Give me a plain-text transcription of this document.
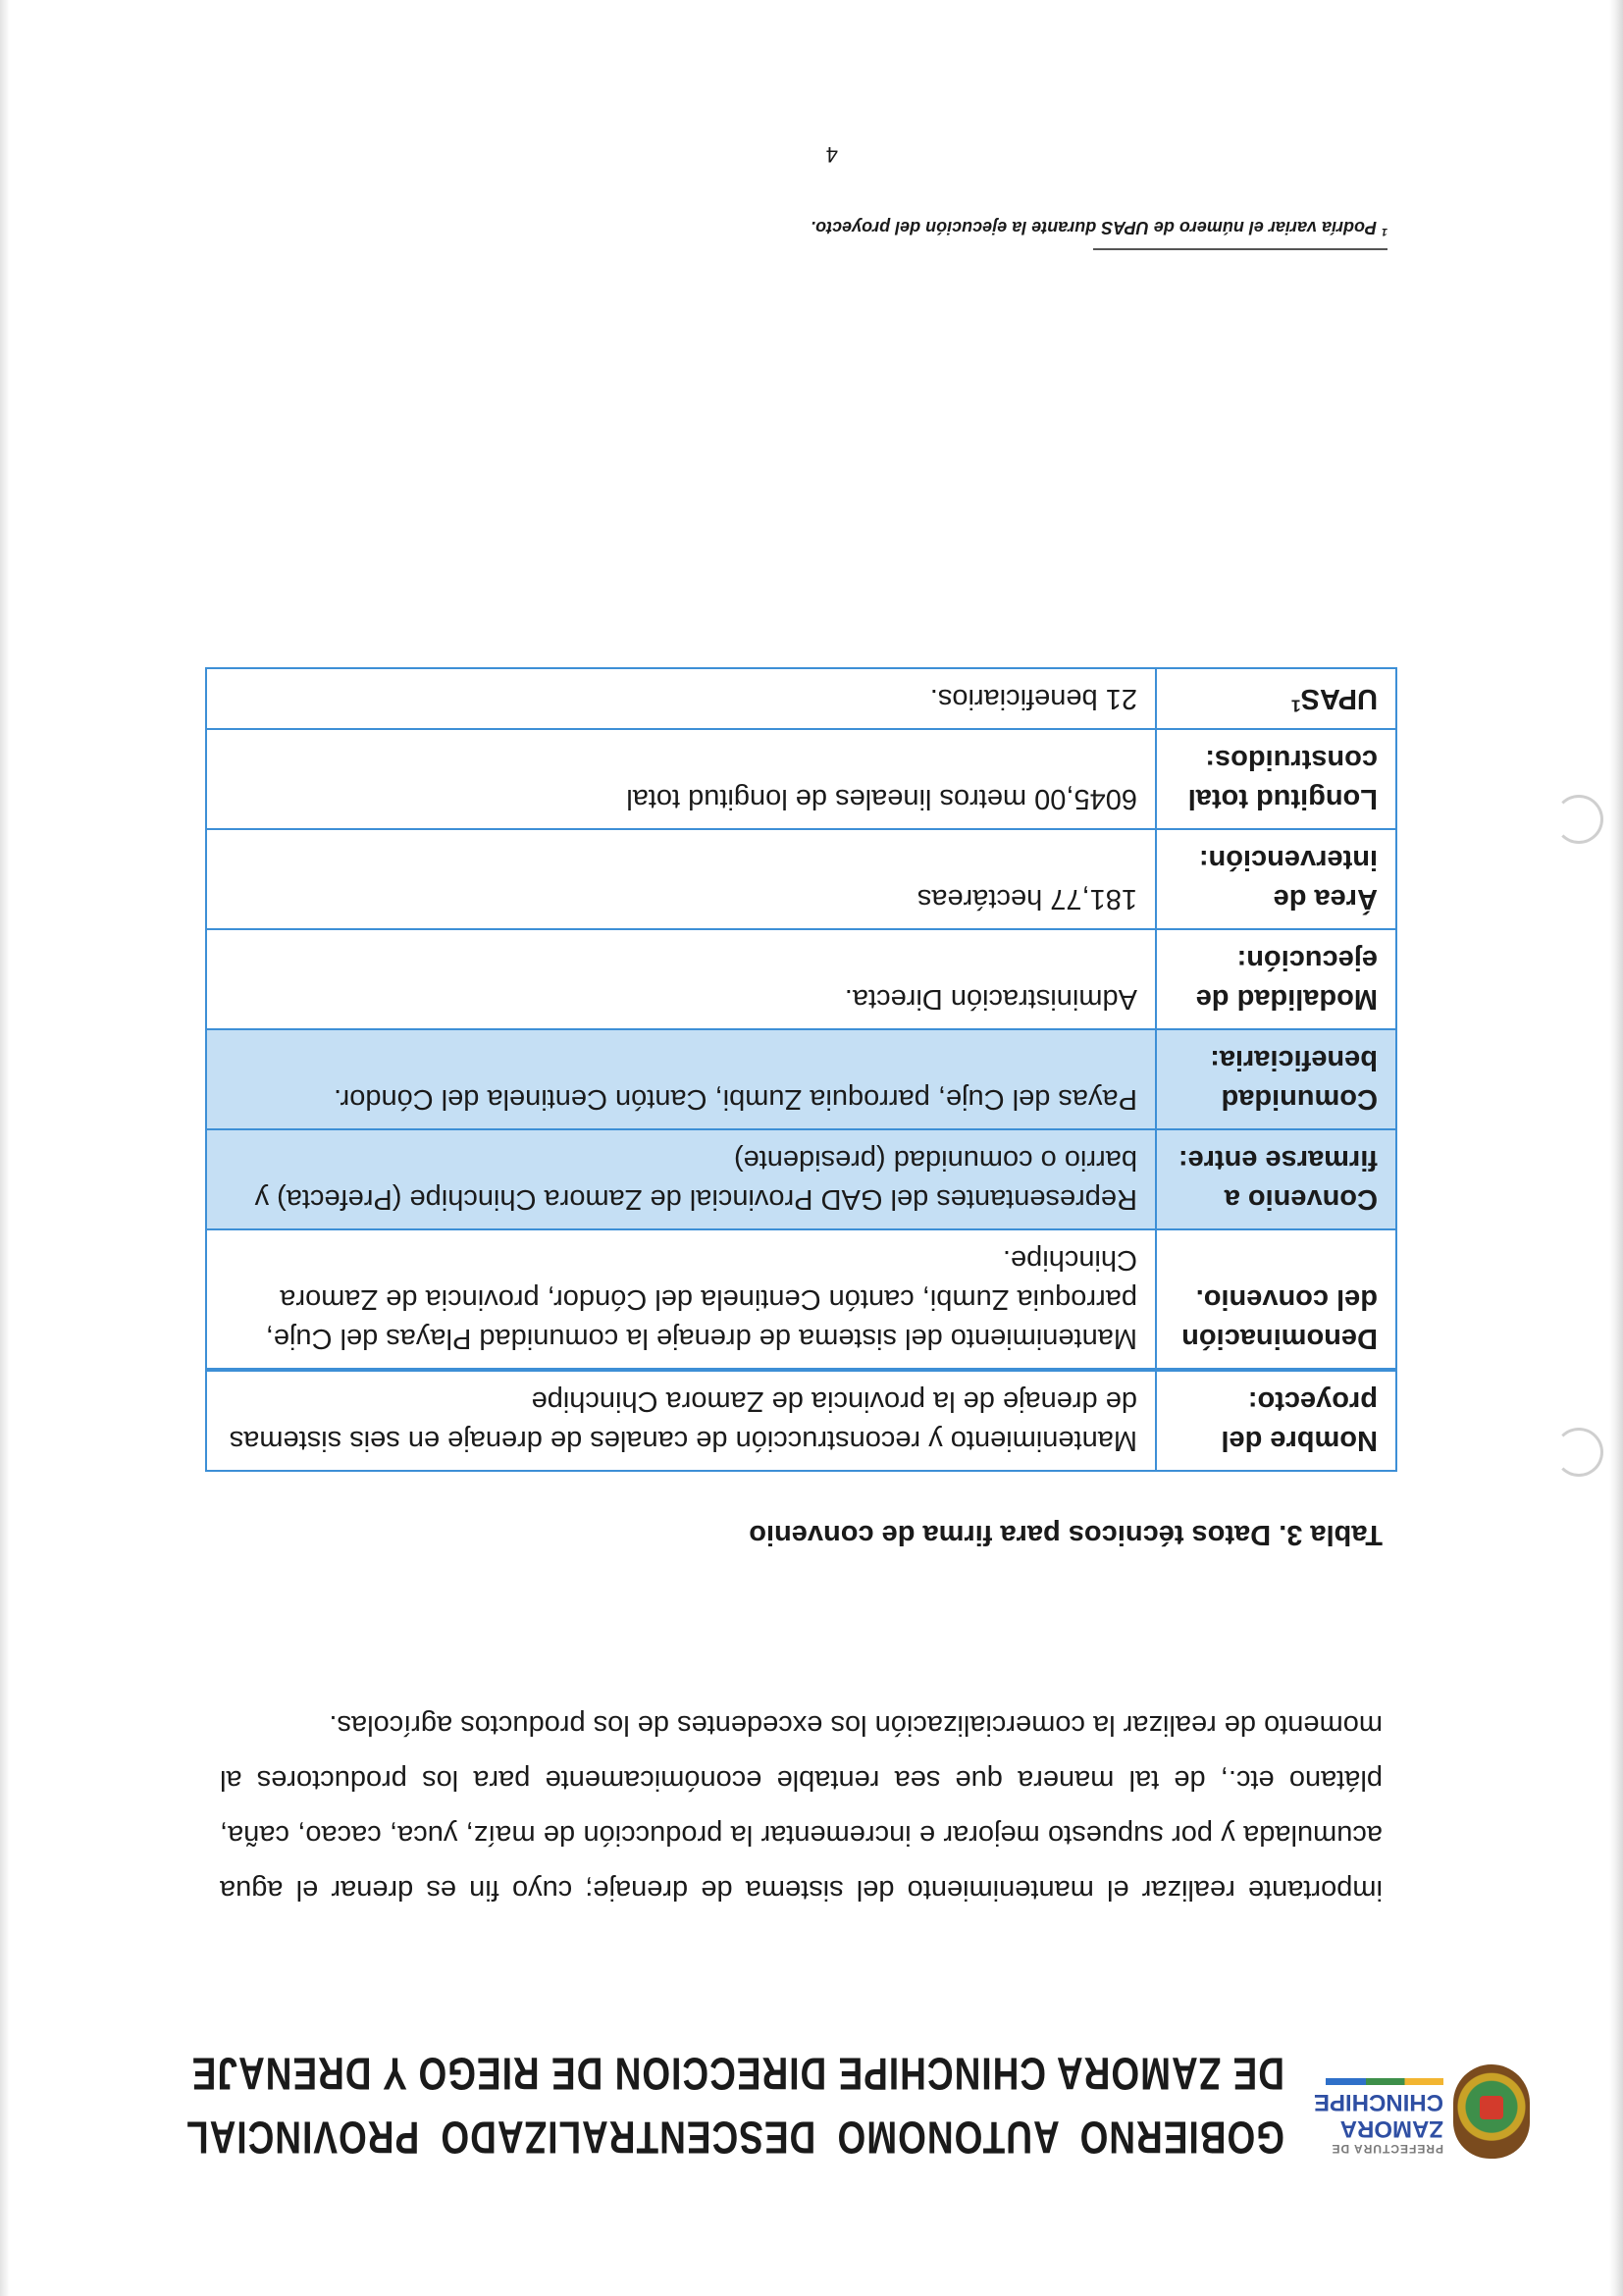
PREFECTURA DE
ZAMORA
CHINCHIPE
GOBIERNO AUTONOMO DESCENTRALIZADO PROVINCIAL DE ZAMORA CHINCHIPE DIRECCION DE RIEGO Y DRENAJE
importante realizar el mantenimiento del sistema de drenaje; cuyo fin es drenar el agua acumulada y por supuesto mejorar e incrementar la producción de maíz, yuca, cacao, caña, plátano etc., de tal manera que sea rentable económicamente para los productores al momento de realizar la comercialización los excedentes de los productos agrícolas.
Tabla 3. Datos técnicos para firma de convenio
Nombre del proyecto:	Mantenimiento y reconstrucción de canales de drenaje en seis sistemas de drenaje de la provincia de Zamora Chinchipe
Denominación del convenio.	Mantenimiento del sistema de drenaje la comunidad Playas del Cuje, parroquia Zumbi, cantón Centinela del Cóndor, provincia de Zamora Chinchipe.
Convenio a firmarse entre:	Representantes del GAD Provincial de Zamora Chinchipe (Prefecta) y barrio o comunidad (presidente)
Comunidad beneficiaria:	Payas del Cuje, parroquia Zumbi, Cantón Centinela del Cóndor.
Modalidad de ejecución:	Administración Directa.
Área de intervención:	181,77 hectáreas
Longitud total construidos:	6045,00 metros lineales de longitud total
UPAS$^1$	21 beneficiarios.
$^1$ Podría variar el número de UPAS durante la ejecución del proyecto.
4
